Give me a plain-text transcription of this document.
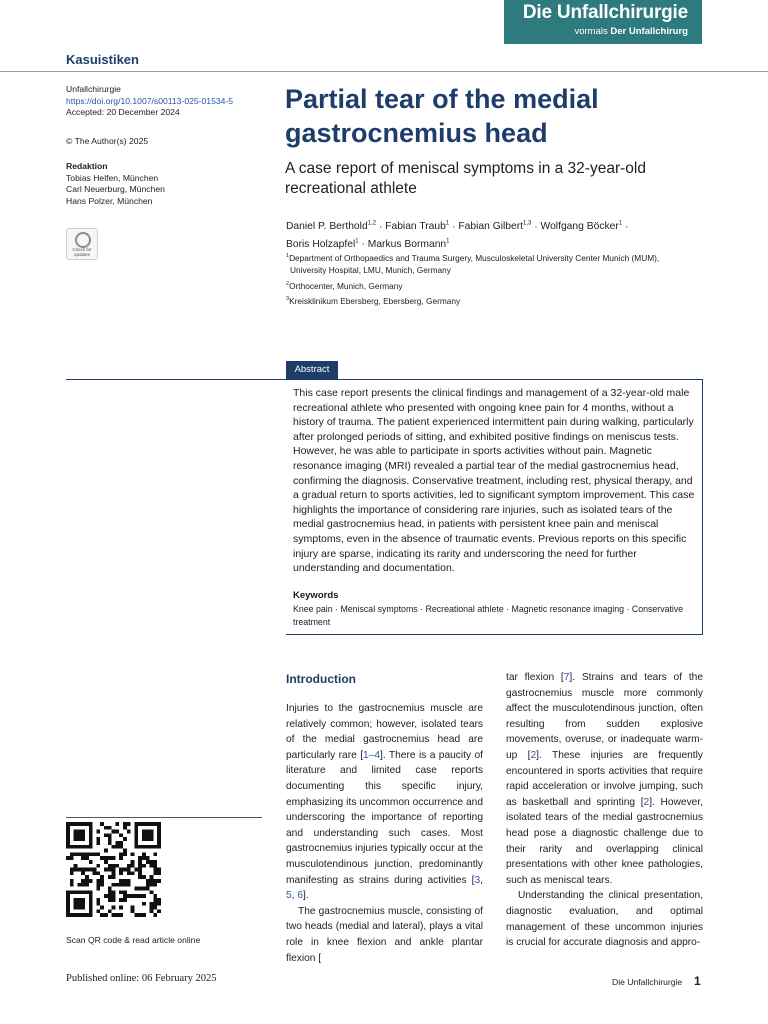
Die Unfallchirurgie
vormals Der Unfallchirurg
Kasuistiken
Unfallchirurgie
https://doi.org/10.1007/s00113-025-01534-5
Accepted: 20 December 2024
© The Author(s) 2025
Redaktion
Tobias Helfen, München
Carl Neuerburg, München
Hans Polzer, München
Check for updates
Partial tear of the medial gastrocnemius head
A case report of meniscal symptoms in a 32-year-old recreational athlete
Daniel P. Berthold$^{1,2}$ · Fabian Traub$^1$ · Fabian Gilbert$^{1,3}$ · Wolfgang Böcker$^1$ ·
Boris Holzapfel$^1$ · Markus Bormann$^1$
$^1$Department of Orthopaedics and Trauma Surgery, Musculoskeletal University Center Munich (MUM),
University Hospital, LMU, Munich, Germany
$^2$Orthocenter, Munich, Germany
$^3$Kreisklinikum Ebersberg, Ebersberg, Germany
Abstract
This case report presents the clinical findings and management of a 32-year-old male recreational athlete who presented with ongoing knee pain for 4 months, without a history of trauma. The patient experienced intermittent pain during walking, particularly after prolonged periods of sitting, and exhibited positive findings on meniscus tests. However, he was able to participate in sports activities without pain. Magnetic resonance imaging (MRI) revealed a partial tear of the medial gastrocnemius head, confirming the diagnosis. Conservative treatment, including rest, physical therapy, and a gradual return to sports activities, led to significant symptom improvement. This case highlights the importance of considering rare injuries, such as isolated tears of the medial gastrocnemius head, in patients with persistent knee pain and meniscal symptoms, even in the absence of traumatic events. Previous reports on this specific injury are sparse, indicating its rarity and underscoring the need for further understanding and documentation.
Keywords
Knee pain · Meniscal symptoms · Recreational athlete · Magnetic resonance imaging · Conservative treatment
Introduction
Injuries to the gastrocnemius muscle are relatively common; however, isolated tears of the medial gastrocnemius head are particularly rare [1–4]. There is a paucity of literature and limited case reports documenting this specific injury, emphasizing its uncommon occurrence and underscoring the importance of reporting and understanding such cases. Most gastrocnemius injuries typically occur at the musculotendinous junction, predominantly manifesting as strains during activities [3, 5, 6].
The gastrocnemius muscle, consisting of two heads (medial and lateral), plays a vital role in knee flexion and ankle plantar flexion [
tar flexion [7]. Strains and tears of the gastrocnemius muscle more commonly affect the musculotendinous junction, often resulting from sudden explosive movements, overuse, or inadequate warm-up [2]. These injuries are frequently encountered in sports activities that require rapid acceleration or involve jumping, such as basketball and sprinting [2]. However, isolated tears of the medial gastrocnemius head pose a diagnostic challenge due to their rarity and overlapping clinical presentations with other knee pathologies, such as meniscal tears.
Understanding the clinical presentation, diagnostic evaluation, and optimal management of these uncommon injuries is crucial for accurate diagnosis and appro-
Scan QR code & read article online
Published online: 06 February 2025	Die Unfallchirurgie 1
